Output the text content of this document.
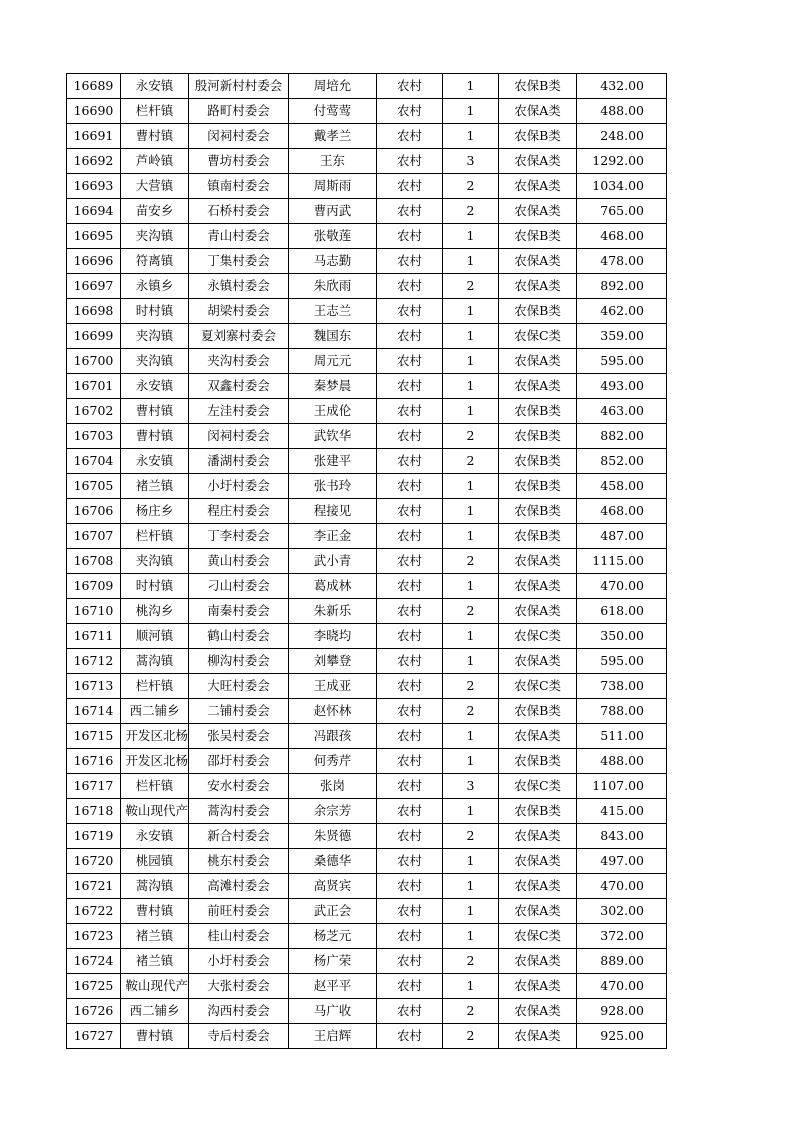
16689	永安镇	殷河新村村委会	周培允	农村	1	农保B类	432.00
16690	栏杆镇	路町村委会	付莺莺	农村	1	农保A类	488.00
16691	曹村镇	闵祠村委会	戴孝兰	农村	1	农保B类	248.00
16692	芦岭镇	曹坊村委会	王东	农村	3	农保A类	1292.00
16693	大营镇	镇南村委会	周斯雨	农村	2	农保A类	1034.00
16694	苗安乡	石桥村委会	曹丙武	农村	2	农保A类	765.00
16695	夹沟镇	青山村委会	张敬莲	农村	1	农保B类	468.00
16696	符离镇	丁集村委会	马志勤	农村	1	农保A类	478.00
16697	永镇乡	永镇村委会	朱欣雨	农村	2	农保A类	892.00
16698	时村镇	胡梁村委会	王志兰	农村	1	农保B类	462.00
16699	夹沟镇	夏刘寨村委会	魏国东	农村	1	农保C类	359.00
16700	夹沟镇	夹沟村委会	周元元	农村	1	农保A类	595.00
16701	永安镇	双鑫村委会	秦梦晨	农村	1	农保A类	493.00
16702	曹村镇	左洼村委会	王成伦	农村	1	农保B类	463.00
16703	曹村镇	闵祠村委会	武钦华	农村	2	农保B类	882.00
16704	永安镇	潘湖村委会	张建平	农村	2	农保B类	852.00
16705	褚兰镇	小圩村委会	张书玲	农村	1	农保B类	458.00
16706	杨庄乡	程庄村委会	程接见	农村	1	农保B类	468.00
16707	栏杆镇	丁李村委会	李正金	农村	1	农保B类	487.00
16708	夹沟镇	黄山村委会	武小青	农村	2	农保A类	1115.00
16709	时村镇	刁山村委会	葛成林	农村	1	农保A类	470.00
16710	桃沟乡	南秦村委会	朱新乐	农村	2	农保A类	618.00
16711	顺河镇	鹤山村委会	李晓均	农村	1	农保C类	350.00
16712	蒿沟镇	柳沟村委会	刘攀登	农村	1	农保A类	595.00
16713	栏杆镇	大旺村委会	王成亚	农村	2	农保C类	738.00
16714	西二铺乡	二铺村委会	赵怀林	农村	2	农保B类	788.00
16715	开发区北杨	张吴村委会	冯跟孩	农村	1	农保A类	511.00
16716	开发区北杨	邵圩村委会	何秀芹	农村	1	农保B类	488.00
16717	栏杆镇	安水村委会	张岗	农村	3	农保C类	1107.00
16718	鞍山现代产	蒿沟村委会	余宗芳	农村	1	农保B类	415.00
16719	永安镇	新合村委会	朱贤德	农村	2	农保A类	843.00
16720	桃园镇	桃东村委会	桑德华	农村	1	农保A类	497.00
16721	蒿沟镇	高滩村委会	高贤宾	农村	1	农保A类	470.00
16722	曹村镇	前旺村委会	武正会	农村	1	农保A类	302.00
16723	褚兰镇	桂山村委会	杨芝元	农村	1	农保C类	372.00
16724	褚兰镇	小圩村委会	杨广荣	农村	2	农保A类	889.00
16725	鞍山现代产	大张村委会	赵平平	农村	1	农保A类	470.00
16726	西二铺乡	沟西村委会	马广收	农村	2	农保A类	928.00
16727	曹村镇	寺后村委会	王启辉	农村	2	农保A类	925.00
